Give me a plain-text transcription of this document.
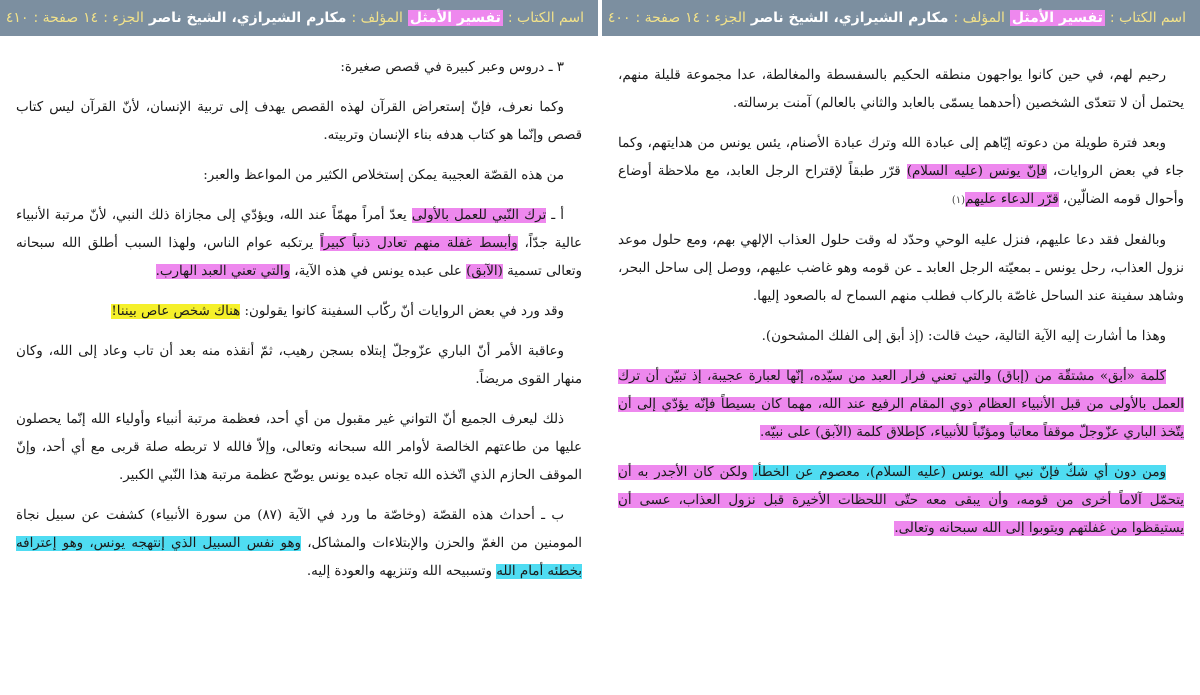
اسم الكتاب :
تفسير الأمثل
المؤلف :
مكارم الشيرازي، الشيخ ناصر
الجزء :
١٤
صفحة :
٤١٠

٣ ـ دروس وعبر كبيرة في قصص صغيرة:

وكما نعرف، فإنّ إستعراض القرآن لهذه القصص يهدف إلى تربية الإنسان، لأنّ القرآن ليس كتاب قصص وإنّما هو كتاب هدفه بناء الإنسان وتربيته.

من هذه القصّة العجيبة يمكن إستخلاص الكثير من المواعظ والعبر:

أ ـ ترك النّبي للعمل بالأولى يعدّ أمراً مهمّاً عند الله، ويؤدّي إلى مجازاة ذلك النبي، لأنّ مرتبة الأنبياء عالية جدّاً، وأبسط غفلة منهم تعادل ذنباً كبيراً يرتكبه عوام الناس، ولهذا السبب أطلق الله سبحانه وتعالى تسمية (الآبق) على عبده يونس في هذه الآية، والتي تعني العبد الهارب.

وقد ورد في بعض الروايات أنّ ركّاب السفينة كانوا يقولون: هناك شخص عاص بيننا!

وعاقبة الأمر أنّ الباري عزّوجلّ إبتلاه بسجن رهيب، ثمّ أنقذه منه بعد أن تاب وعاد إلى الله، وكان منهار القوى مريضاً.

ذلك ليعرف الجميع أنّ التواني غير مقبول من أي أحد، فعظمة مرتبة أنبياء وأولياء الله إنّما يحصلون عليها من طاعتهم الخالصة لأوامر الله سبحانه وتعالى، وإلاّ فالله لا تربطه صلة قربى مع أي أحد، وإنّ الموقف الحازم الذي اتّخذه الله تجاه عبده يونس يوضّح عظمة مرتبة هذا النّبي الكبير.

ب ـ أحداث هذه القصّة (وخاصّة ما ورد في الآية (٨٧) من سورة الأنبياء) كشفت عن سبيل نجاة المومنين من الغمّ والحزن والإبتلاءات والمشاكل، وهو نفس السبيل الذي إنتهجه يونس، وهو إعترافه بخطئه أمام الله وتسبيحه الله وتنزيهه والعودة إليه.

اسم الكتاب :
تفسير الأمثل
المؤلف :
مكارم الشيرازي، الشيخ ناصر
الجزء :
١٤
صفحة :
٤٠٠

رحيم لهم، في حين كانوا يواجهون منطقه الحكيم بالسفسطة والمغالطة، عدا مجموعة قليلة منهم، يحتمل أن لا تتعدّى الشخصين (أحدهما يسمّى بالعابد والثاني بالعالم) آمنت برسالته.

وبعد فترة طويلة من دعوته إيّاهم إلى عبادة الله وترك عبادة الأصنام، يئس يونس من هدايتهم، وكما جاء في بعض الروايات، فإنّ يونس (عليه السلام) قرّر طبقاً لإقتراح الرجل العابد، مع ملاحظة أوضاع وأحوال قومه الضالّين، قرّر الدعاء عليهم(١)

وبالفعل فقد دعا عليهم، فنزل عليه الوحي وحدّد له وقت حلول العذاب الإلهي بهم، ومع حلول موعد نزول العذاب، رحل يونس ـ بمعيّته الرجل العابد ـ عن قومه وهو غاضب عليهم، ووصل إلى ساحل البحر، وشاهد سفينة عند الساحل غاصّة بالركاب فطلب منهم السماح له بالصعود إليها.

وهذا ما أشارت إليه الآية التالية، حيث قالت: (إذ أبق إلى الفلك المشحون).

كلمة «أبق» مشتقّة من (إباق) والتي تعني فرار العبد من سيّده، إنّها لعبارة عجيبة، إذ تبيّن أن ترك العمل بالأولى من قبل الأنبياء العظام ذوي المقام الرفيع عند الله، مهما كان بسيطاً فإنّه يؤدّي إلى أن يتّخذ الباري عزّوجلّ موقفاً معاتباً ومؤنّباً للأنبياء، كإطلاق كلمة (الآبق) على نبيّه.

ومن دون أي شكّ فإنّ نبي الله يونس (عليه السلام)، معصوم عن الخطأ، ولكن كان الأجدر به أن يتحمّل آلاماً أخرى من قومه، وأن يبقى معه حتّى اللحظات الأخيرة قبل نزول العذاب، عسى أن يستيقظوا من غفلتهم ويتوبوا إلى الله سبحانه وتعالى.
